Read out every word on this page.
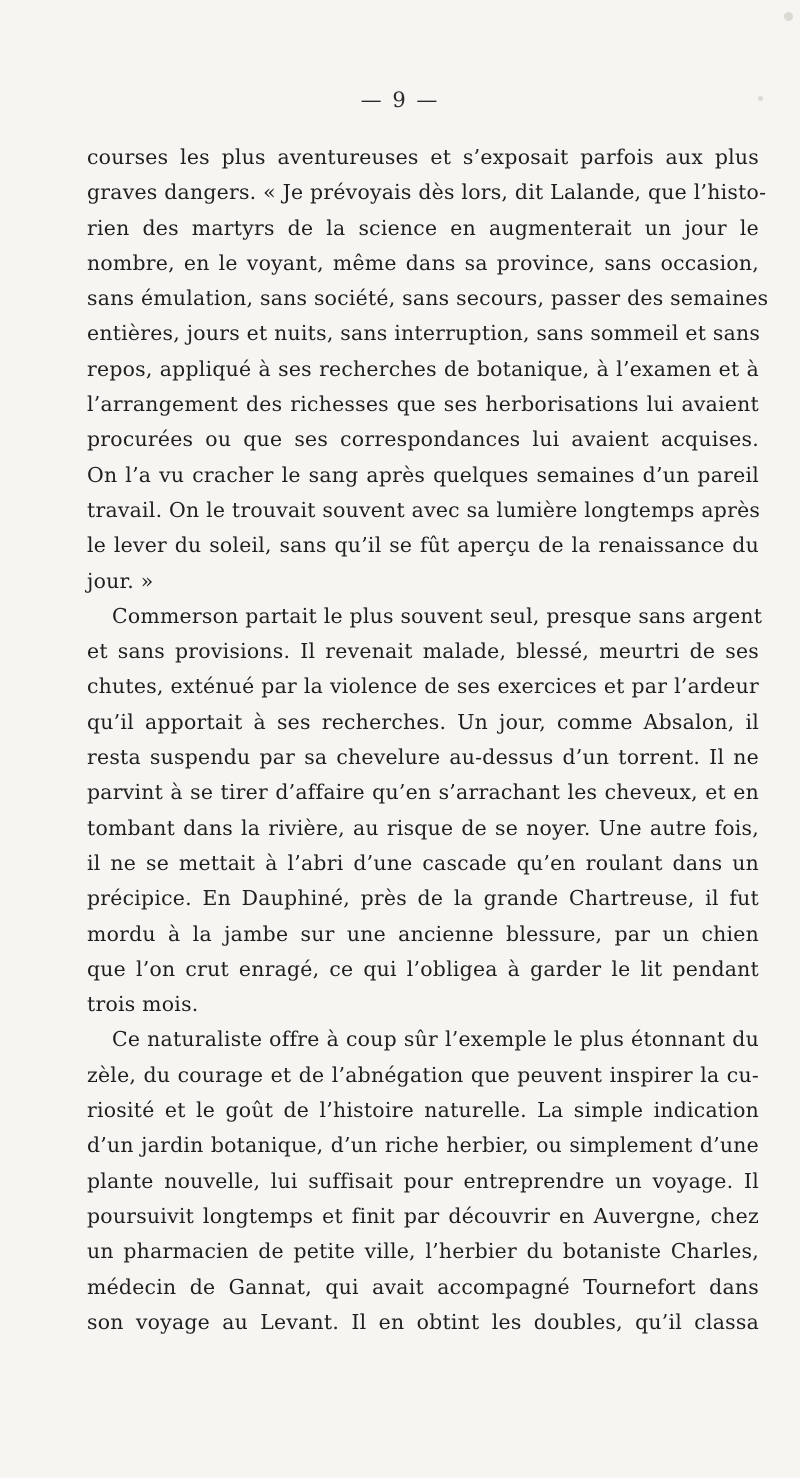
— 9 —
courses les plus aventureuses et s’exposait parfois aux plus
graves dangers. « Je prévoyais dès lors, dit Lalande, que l’histo-
rien des martyrs de la science en augmenterait un jour le
nombre, en le voyant, même dans sa province, sans occasion,
sans émulation, sans société, sans secours, passer des semaines
entières, jours et nuits, sans interruption, sans sommeil et sans
repos, appliqué à ses recherches de botanique, à l’examen et à
l’arrangement des richesses que ses herborisations lui avaient
procurées ou que ses correspondances lui avaient acquises.
On l’a vu cracher le sang après quelques semaines d’un pareil
travail. On le trouvait souvent avec sa lumière longtemps après
le lever du soleil, sans qu’il se fût aperçu de la renaissance du
jour. »
Commerson partait le plus souvent seul, presque sans argent
et sans provisions. Il revenait malade, blessé, meurtri de ses
chutes, exténué par la violence de ses exercices et par l’ardeur
qu’il apportait à ses recherches. Un jour, comme Absalon, il
resta suspendu par sa chevelure au-dessus d’un torrent. Il ne
parvint à se tirer d’affaire qu’en s’arrachant les cheveux, et en
tombant dans la rivière, au risque de se noyer. Une autre fois,
il ne se mettait à l’abri d’une cascade qu’en roulant dans un
précipice. En Dauphiné, près de la grande Chartreuse, il fut
mordu à la jambe sur une ancienne blessure, par un chien
que l’on crut enragé, ce qui l’obligea à garder le lit pendant
trois mois.
Ce naturaliste offre à coup sûr l’exemple le plus étonnant du
zèle, du courage et de l’abnégation que peuvent inspirer la cu-
riosité et le goût de l’histoire naturelle. La simple indication
d’un jardin botanique, d’un riche herbier, ou simplement d’une
plante nouvelle, lui suffisait pour entreprendre un voyage. Il
poursuivit longtemps et finit par découvrir en Auvergne, chez
un pharmacien de petite ville, l’herbier du botaniste Charles,
médecin de Gannat, qui avait accompagné Tournefort dans
son voyage au Levant. Il en obtint les doubles, qu’il classa
